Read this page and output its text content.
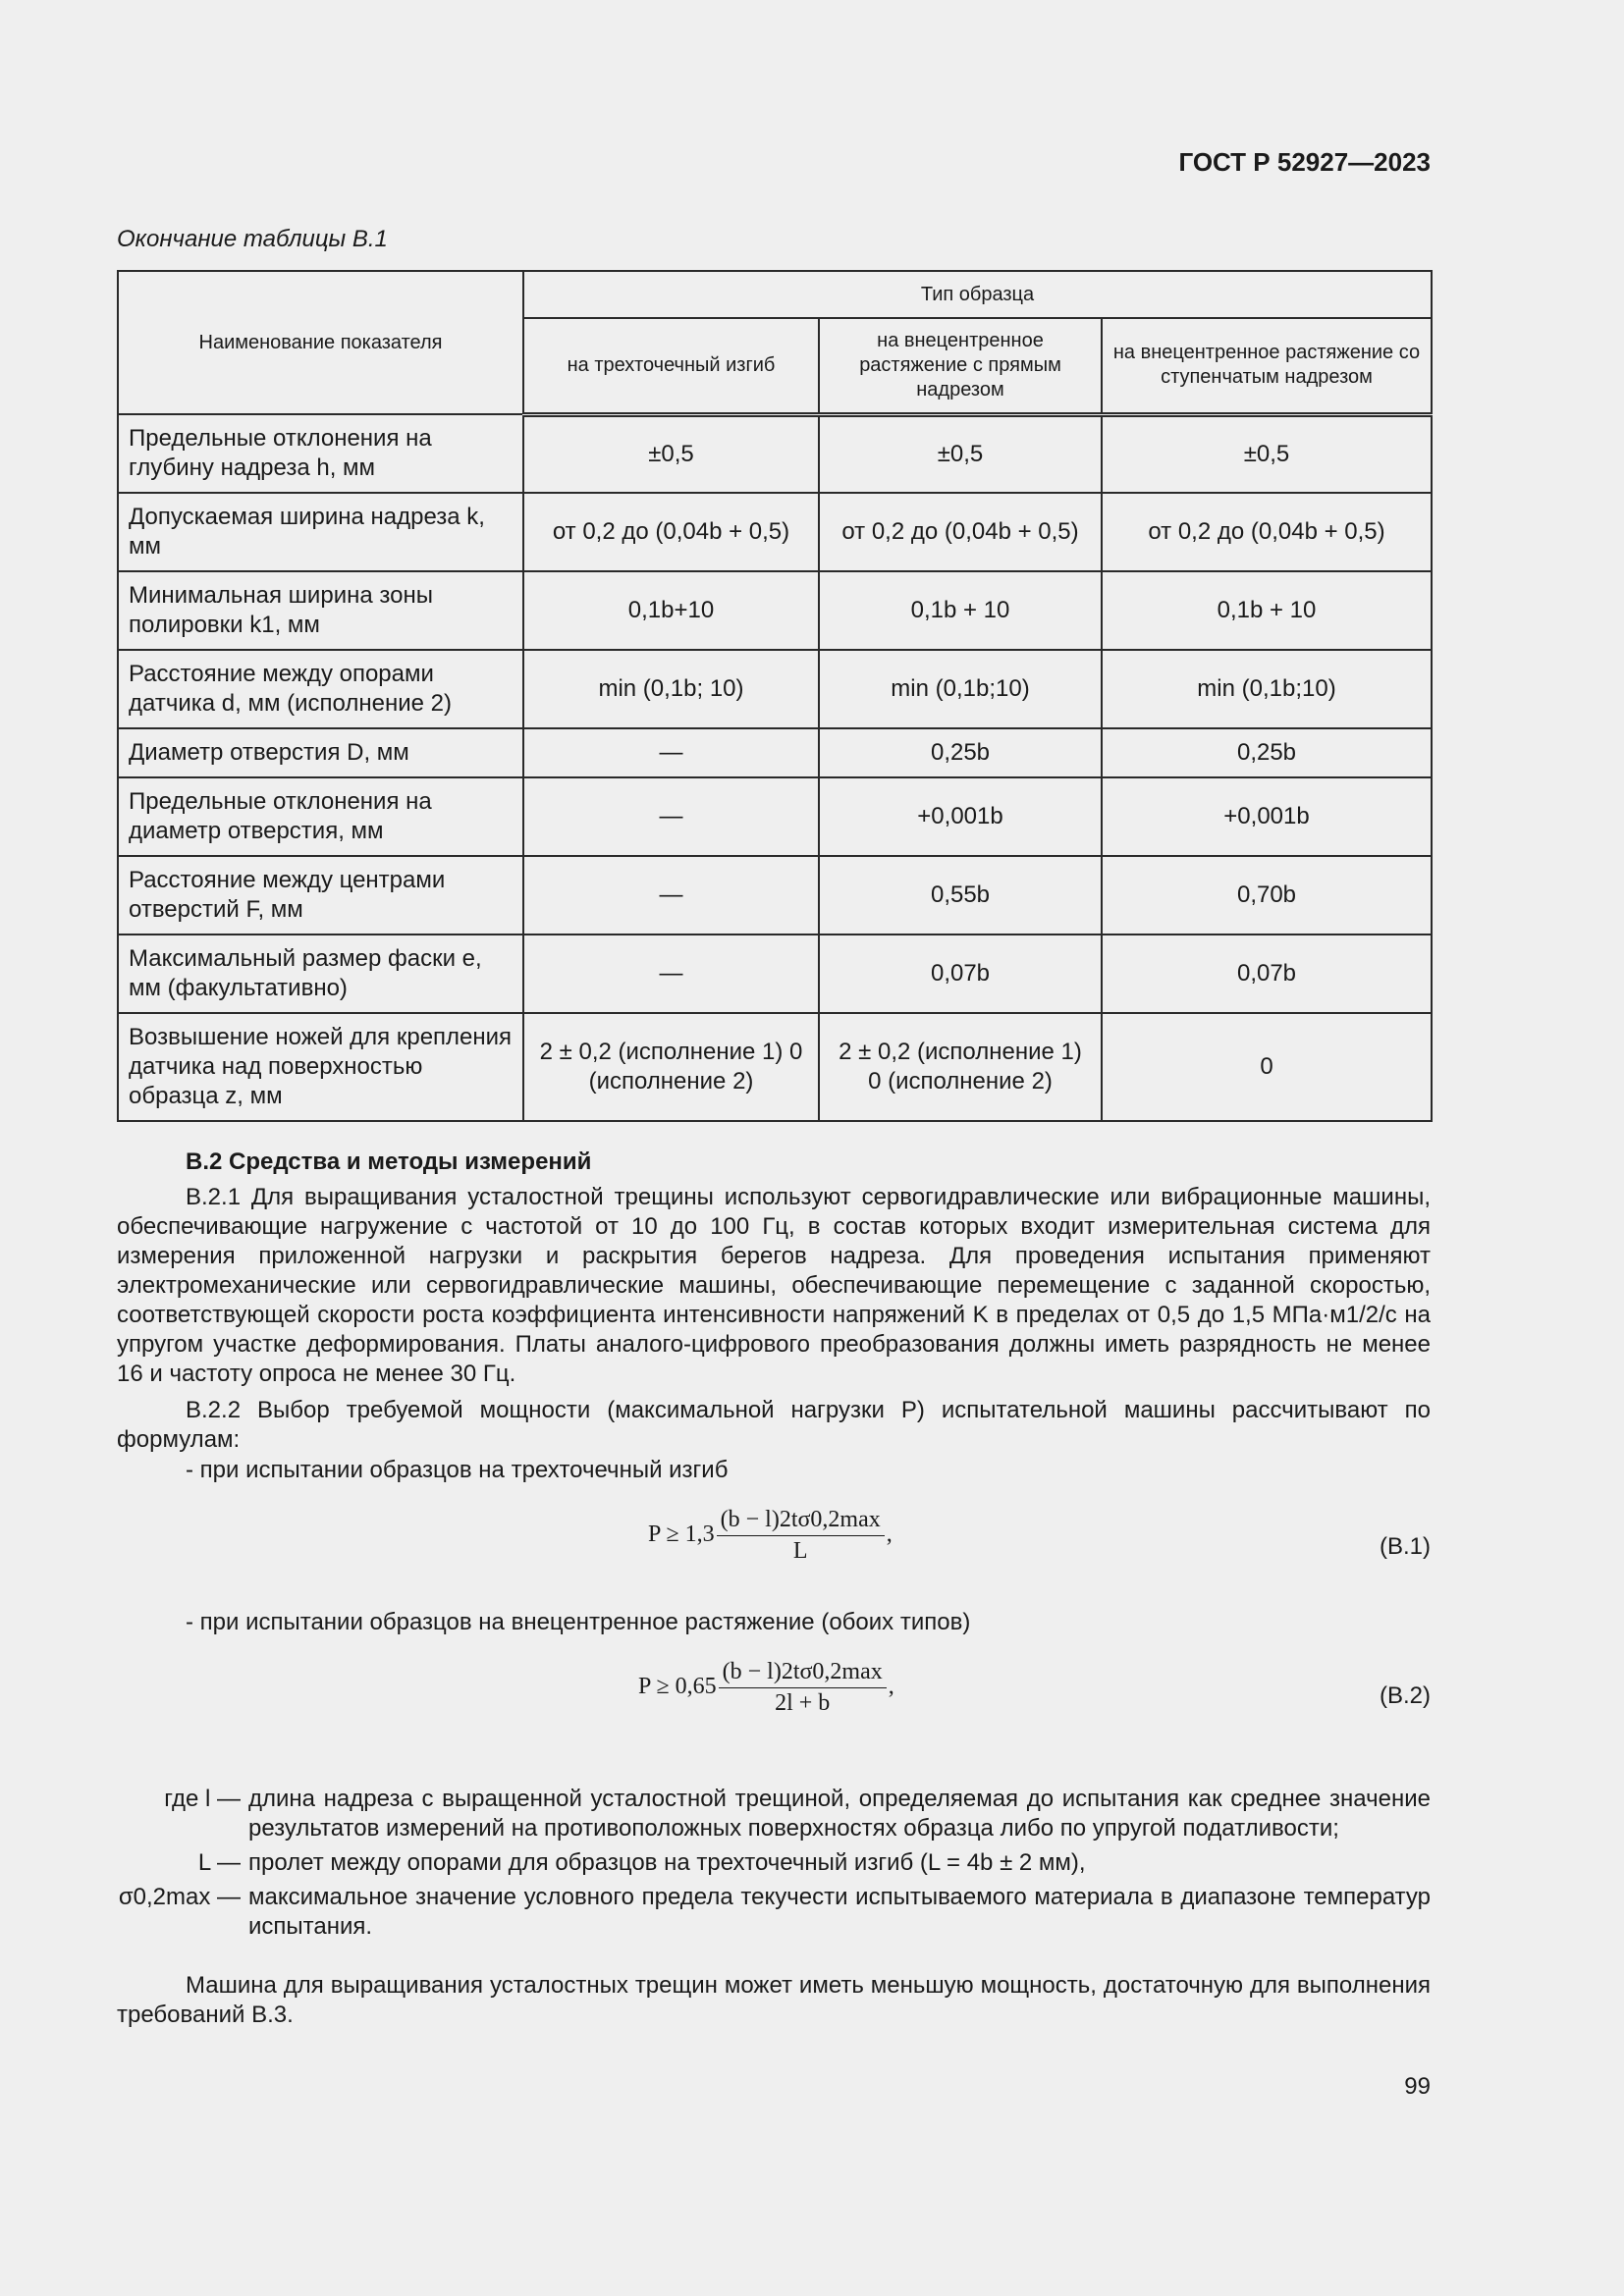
ГОСТ Р 52927—2023
Окончание таблицы В.1
Наименование показателя	Тип образца		
	на трехточечный изгиб	на внецентренное растяжение с прямым надрезом	на внецентренное растяжение со ступенчатым надрезом
Предельные отклонения на глубину надреза h, мм	±0,5	±0,5	±0,5
Допускаемая ширина надреза k, мм	от 0,2 до (0,04b + 0,5)	от 0,2 до (0,04b + 0,5)	от 0,2 до (0,04b + 0,5)
Минимальная ширина зоны полировки k1, мм	0,1b+10	0,1b + 10	0,1b + 10
Расстояние между опорами датчика d, мм (исполнение 2)	min (0,1b; 10)	min (0,1b;10)	min (0,1b;10)
Диаметр отверстия D, мм	—	0,25b	0,25b
Предельные отклонения на диаметр отверстия, мм	—	+0,001b	+0,001b
Расстояние между центрами отверстий F, мм	—	0,55b	0,70b
Максимальный размер фаски e, мм (факультативно)	—	0,07b	0,07b
Возвышение ножей для крепления датчика над поверхностью образца z, мм	2 ± 0,2 (исполнение 1) 0 (исполнение 2)	2 ± 0,2 (исполнение 1) 0 (исполнение 2)	0
В.2 Средства и методы измерений
В.2.1 Для выращивания усталостной трещины используют сервогидравлические или вибрационные машины, обеспечивающие нагружение с частотой от 10 до 100 Гц, в состав которых входит измерительная система для измерения приложенной нагрузки и раскрытия берегов надреза. Для проведения испытания применяют электромеханические или сервогидравлические машины, обеспечивающие перемещение с заданной скоростью, соответствующей скорости роста коэффициента интенсивности напряжений K в пределах от 0,5 до 1,5 МПа·м1/2/с на упругом участке деформирования. Платы аналого-цифрового преобразования должны иметь разрядность не менее 16 и частоту опроса не менее 30 Гц.
В.2.2 Выбор требуемой мощности (максимальной нагрузки P) испытательной машины рассчитывают по формулам:
- при испытании образцов на трехточечный изгиб
$P \ge 1,3 \frac{(b - l)2t\sigma 0,2\max}{L}$ ,	(В.1)
- при испытании образцов на внецентренное растяжение (обоих типов)
$P \ge 0,65 \frac{(b - l)2t\sigma 0,2\max}{2l + b}$ ,	(В.2)
где l — длина надреза с выращенной усталостной трещиной, определяемая до испытания как среднее значение результатов измерений на противоположных поверхностях образца либо по упругой податливости;
L — пролет между опорами для образцов на трехточечный изгиб (L = 4b ± 2 мм),
σ0,2max — максимальное значение условного предела текучести испытываемого материала в диапазоне температур испытания.
Машина для выращивания усталостных трещин может иметь меньшую мощность, достаточную для выполнения требований В.3.
99
